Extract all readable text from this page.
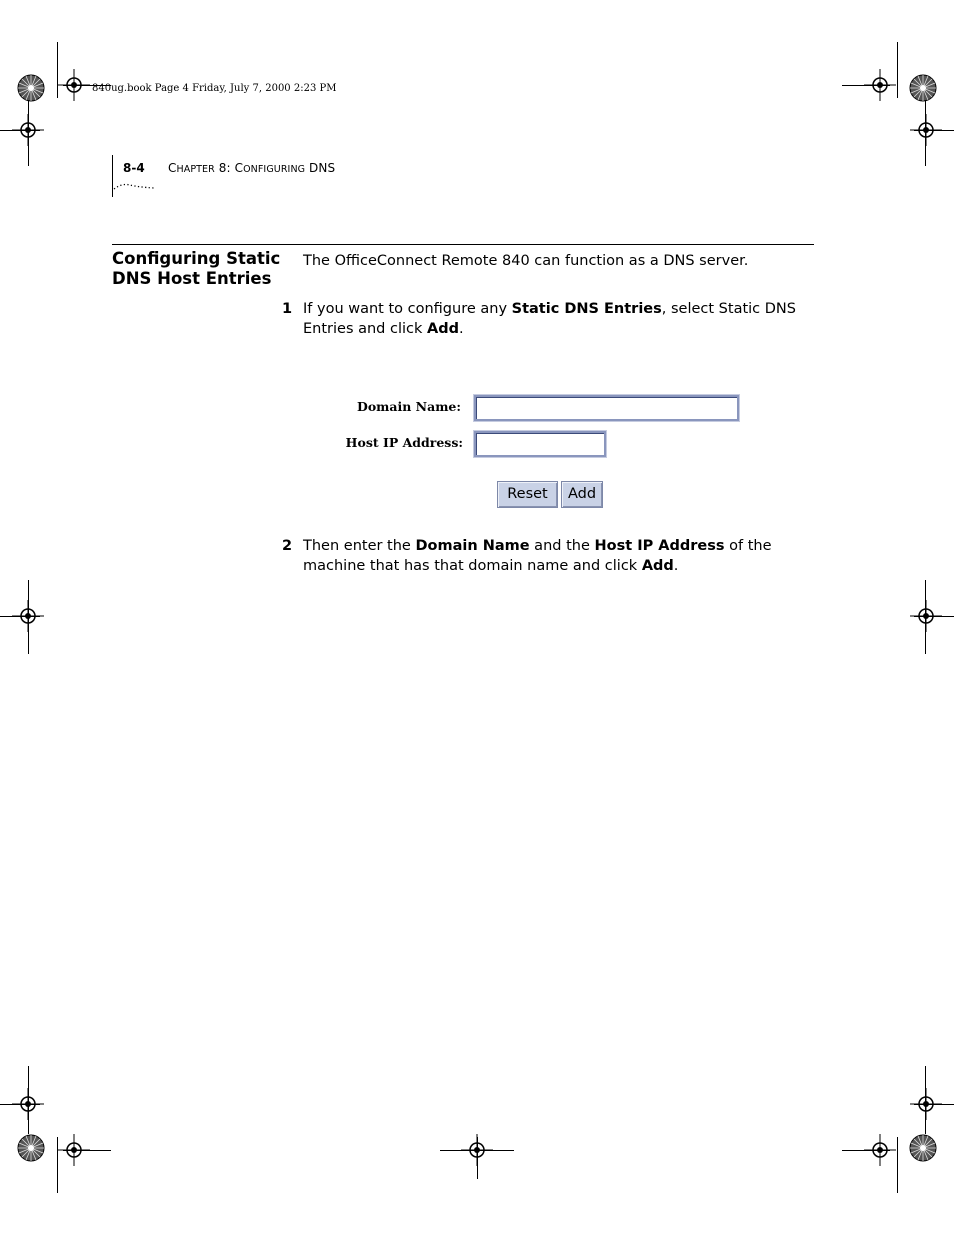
840ug.book Page 4 Friday, July 7, 2000 2:23 PM
8-4 CHAPTER 8: CONFIGURING DNS
Configuring Static DNS Host Entries
The OfficeConnect Remote 840 can function as a DNS server.
1 If you want to configure any Static DNS Entries, select Static DNS Entries and click Add.
Domain Name:
Host IP Address:
Reset	Add
2 Then enter the Domain Name and the Host IP Address of the machine that has that domain name and click Add.
